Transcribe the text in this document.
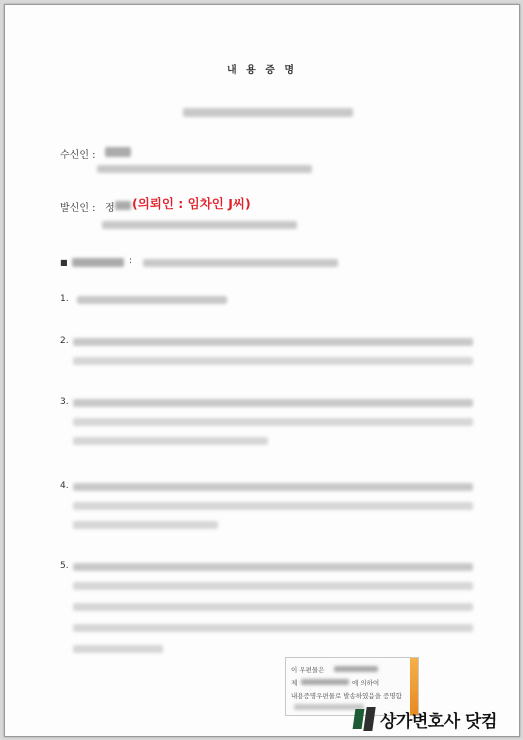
내 용 증 명
수신인 :
발신인 : 정 (의뢰인 : 임차인 J씨)
■	:
1.
2.
3.
4.
5.
이 우편물은
제	에 의하여
내용증명우편물로 발송하였음을 증명함
상가변호사 닷컴
